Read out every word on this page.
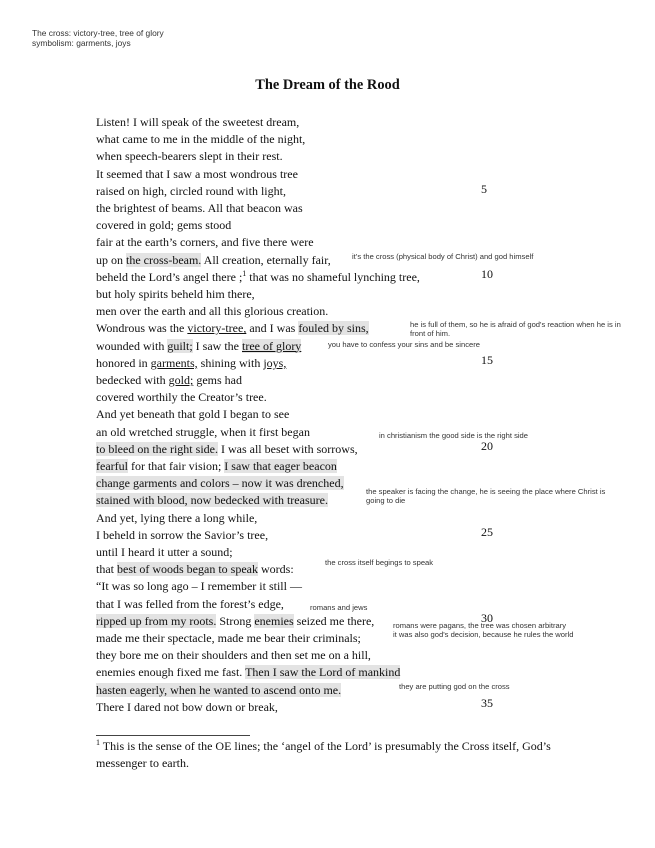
The cross: victory-tree, tree of glory
symbolism: garments, joys
The Dream of the Rood
Listen! I will speak of the sweetest dream,
what came to me in the middle of the night,
when speech-bearers slept in their rest.
It seemed that I saw a most wondrous tree
raised on high, circled round with light,
the brightest of beams. All that beacon was
covered in gold; gems stood
fair at the earth’s corners, and five there were
up on the cross-beam. All creation, eternally fair,
beheld the Lord’s angel there ;$^1$ that was no shameful lynching tree,
but holy spirits beheld him there,
men over the earth and all this glorious creation.
Wondrous was the victory-tree, and I was fouled by sins,
wounded with guilt; I saw the tree of glory
honored in garments, shining with joys,
bedecked with gold; gems had
covered worthily the Creator’s tree.
And yet beneath that gold I began to see
an old wretched struggle, when it first began
to bleed on the right side. I was all beset with sorrows,
fearful for that fair vision; I saw that eager beacon
change garments and colors – now it was drenched,
stained with blood, now bedecked with treasure.
And yet, lying there a long while,
I beheld in sorrow the Savior’s tree,
until I heard it utter a sound;
that best of woods began to speak words:
“It was so long ago – I remember it still —
that I was felled from the forest’s edge,
ripped up from my roots. Strong enemies seized me there,
made me their spectacle, made me bear their criminals;
they bore me on their shoulders and then set me on a hill,
enemies enough fixed me fast. Then I saw the Lord of mankind
hasten eagerly, when he wanted to ascend onto me.
There I dared not bow down or break,
5
10
15
20
25
30
35
it’s the cross (physical body of Christ) and god himself
he is full of them, so he is afraid of god's reaction when he is in
front of him.
you have to confess your sins and be sincere
in christianism the good side is the right side
the speaker is facing the change, he is seeing the place where Christ is
going to die
the cross itself begings to speak
romans and jews
romans were pagans, the tree was chosen arbitrary
it was also god's decision, because he rules the world
they are putting god on the cross
$^1$ This is the sense of the OE lines; the ‘angel of the Lord’ is presumably the Cross itself, God’s messenger to earth.
